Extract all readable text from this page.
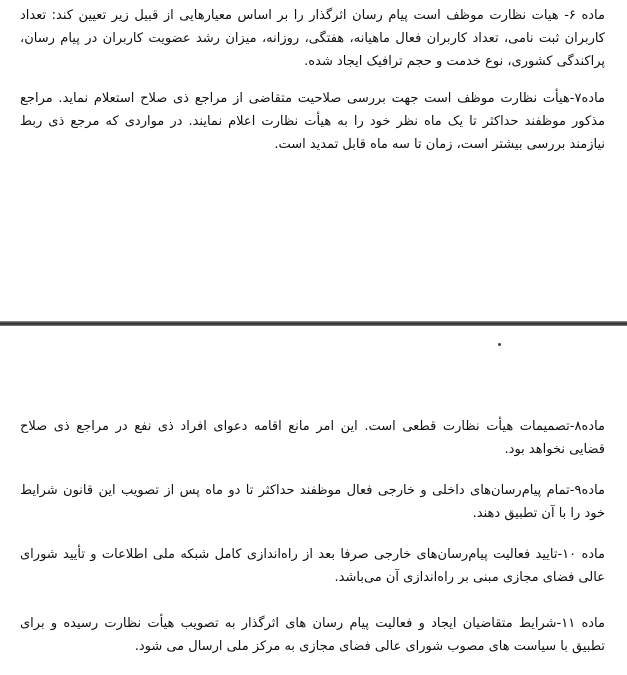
ماده ۶- هیات نظارت موظف است پیام رسان اثرگذار را بر اساس معیارهایی از قبیل زیر تعیین کند: تعداد کاربران ثبت نامی، تعداد کاربران فعال ماهیانه، هفتگی، روزانه، میزان رشد عضویت کاربران در پیام رسان، پراکندگی کشوری، نوع خدمت و حجم ترافیک ایجاد شده.

ماده۷-هیأت نظارت موظف است جهت بررسی صلاحیت متقاضی از مراجع ذی صلاح استعلام نماید. مراجع مذکور موظفند حداکثر تا یک ماه نظر خود را به هیأت نظارت اعلام نمایند. در مواردی که مرجع ذی ربط نیازمند بررسی بیشتر است، زمان تا سه ماه قابل تمدید است.

ماده۸-تصمیمات هیأت نظارت قطعی است. این امر مانع اقامه دعوای افراد ذی نفع در مراجع ذی صلاح قضایی نخواهد بود.

ماده۹-تمام پیام‌رسان‌های داخلی و خارجی فعال موظفند حداکثر تا دو ماه پس از تصویب این قانون شرایط خود را با آن تطبیق دهند.

ماده ۱۰-تایید فعالیت پیام‌رسان‌های خارجی صرفا بعد از راه‌اندازی کامل شبکه ملی اطلاعات و تأیید شورای عالی فضای مجازی مبنی بر راه‌اندازی آن می‌باشد.

ماده ۱۱-شرایط متقاضیان ایجاد و فعالیت پیام رسان های اثرگذار به تصویب هیأت نظارت رسیده و برای تطبیق با سیاست های مصوب شورای عالی فضای مجازی به مرکز ملی ارسال می شود.
